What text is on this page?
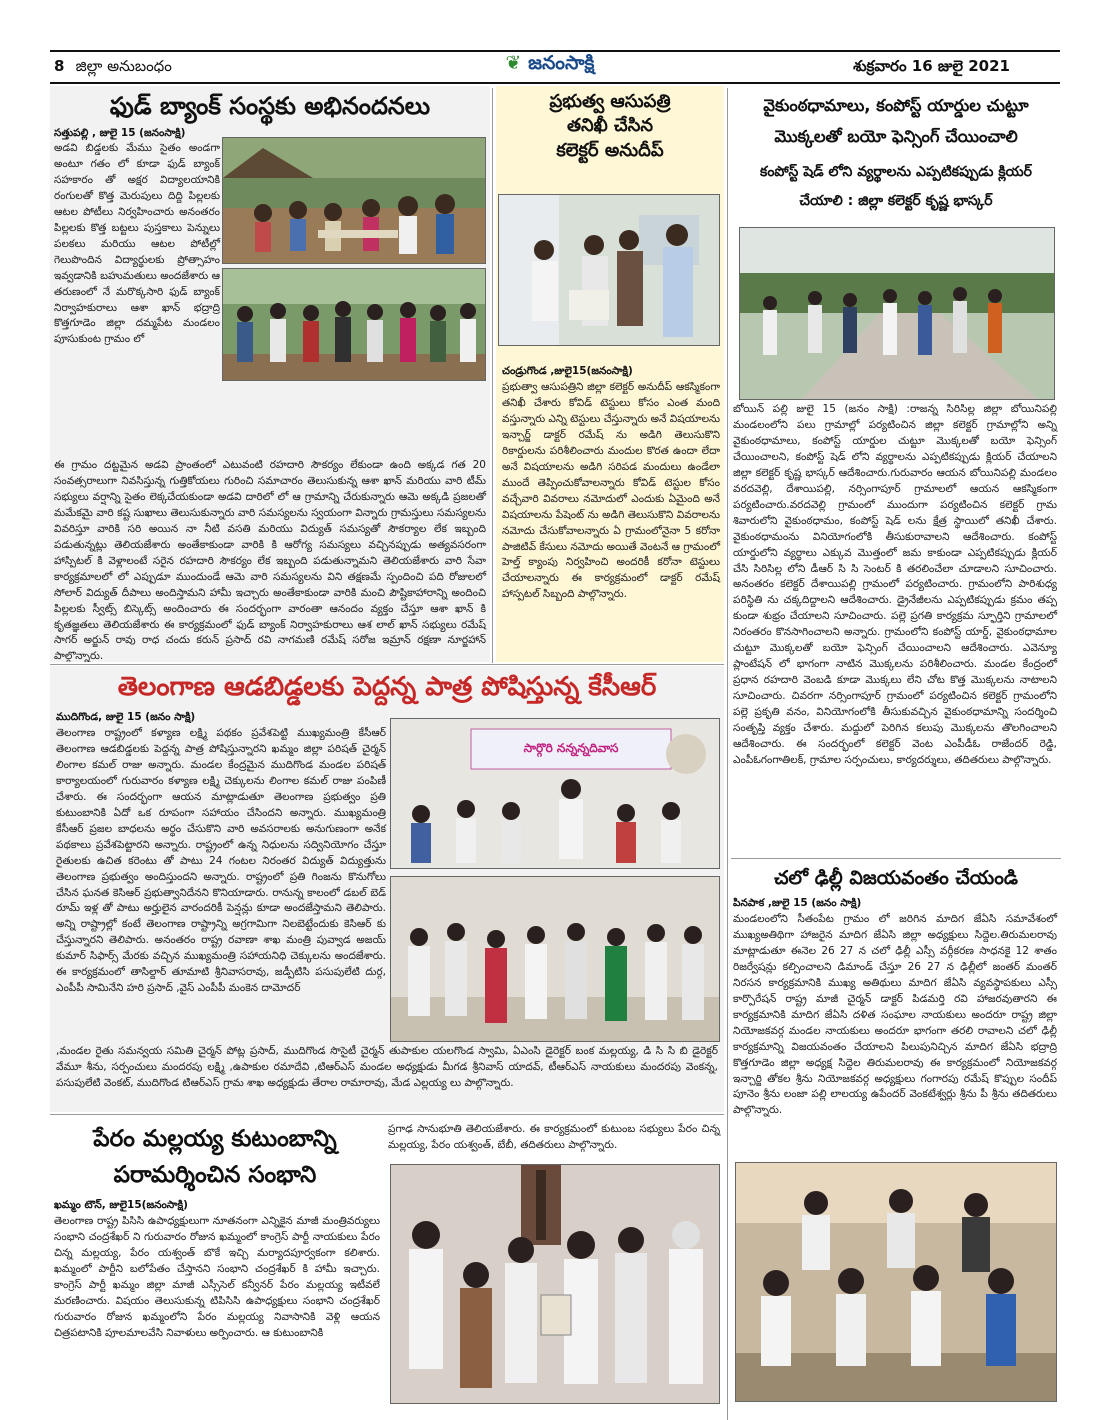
8 జిల్లా అనుబంధం	❦ జనంసాక్షి	శుక్రవారం 16 జులై 2021
ఫుడ్ బ్యాంక్ సంస్థకు అభినందనలు
సత్తుపల్లి , జులై 15 (జనంసాక్షి)
అడవి బిడ్డలకు మేము సైతం అండగా అంటూ గతం లో కూడా ఫుడ్ బ్యాంక్ సహకారం తో అక్షర విద్యాలయానికి రంగులతో కొత్త మెరుపులు దిద్ది పిల్లలకు ఆటల పోటీలు నిర్వహించారు అనంతరం పిల్లలకు కొత్త బట్టలు పుస్తకాలు పెన్నులు పలకలు మరియు ఆటల పోటీల్లో గెలుపొందిన విద్యార్థులకు ప్రోత్సాహం ఇవ్వడానికి బహుమతులు అందజేశారు ఆ తరుణంలో నే మరొక్కసారి ఫుడ్ బ్యాంక్ నిర్వాహకురాలు ఆశా ఖాన్ భద్రాద్రి కొత్తగూడెం జిల్లా దమ్మపేట మండలం పూసుకుంట గ్రామం లో
ఈ గ్రామం దట్టమైన అడవి ప్రాంతంలో ఎటువంటి రహదారి సౌకర్యం లేకుండా ఉంది అక్కడ గత 20 సంవత్సరాలుగా నివసిస్తున్న గుత్తికోయలు గురించి సమాచారం తెలుసుకున్న ఆశా ఖాన్ మరియు వారి టీమ్ సభ్యులు వర్షాన్ని సైతం లెక్కచేయకుండా అడవి దారిలో లో ఆ గ్రామాన్ని చేరుకున్నారు ఆమె అక్కడి ప్రజలతో మమేకమై వారి కష్ట సుఖాలు తెలుసుకున్నారు వారి సమస్యలను స్వయంగా విన్నారు గ్రామస్తులు సమస్యలను వివరిస్తూ వారికి సరి అయిన నా నీటి వసతి మరియు విద్యుత్ సమస్యతో సౌకర్యాల లేక ఇబ్బంది పడుతున్నట్లు తెలియజేశారు అంతేకాకుండా వారికి కి ఆరోగ్య సమస్యలు వచ్చినప్పుడు అత్యవసరంగా హాస్పిటల్ కి వెళ్లాలంటే సరైన రహదారి సౌకర్యం లేక ఇబ్బంది పడుతున్నామని తెలియజేశారు వారి సేవా కార్యక్రమాలలో లో ఎప్పుడూ ముందుండే ఆమె వారి సమస్యలను విని తక్షణమే స్పందించి పది రోజులలో సోలార్ విద్యుత్ దీపాలు అందిస్తామని హామీ ఇచ్చారు అంతేకాకుండా వారికి మంచి పౌష్టికాహారాన్ని అందించి పిల్లలకు స్వీట్స్ బిస్కెట్స్ అందించారు ఈ సందర్భంగా వారంతా ఆనందం వ్యక్తం చేస్తూ ఆశా ఖాన్ కి కృతజ్ఞతలు తెలియజేశారు ఈ కార్యక్రమంలో ఫుడ్ బ్యాంక్ నిర్వాహకురాలు ఆశ లాల్ ఖాన్ సభ్యులు రమేష్ సాగర్ అర్జున్ రావు రాధ చందు కరున్ ప్రసాద్ రవి నాగమణి రమేష్ సరోజ ఇమ్రాన్ రక్షణా నూర్జహాన్ పాల్గొన్నారు.
ప్రభుత్వ ఆసుపత్రి
తనిఖీ చేసిన
కలెక్టర్ అనుదీప్
చండ్రుగొండ ,జులై15(జనంసాక్షి)
ప్రభుత్వా ఆసుపత్రిని జిల్లా కలెక్టర్ అనుదీప్ ఆకస్మికంగా తనిఖీ చేశారు కోవిడ్ టెస్టులు కోసం ఎంత మంది వస్తున్నారు ఎన్ని టెస్టులు చేస్తున్నారు అనే విషయాలను ఇన్చార్జ్ డాక్టర్ రమేష్ ను అడిగి తెలుసుకొని రికార్డులను పరిశీలించారు మందుల కొరత ఉందా లేదా అనే విషయాలను అడిగి సరిపడ మందులు ఉండేలా ముందే తెప్పించుకోవాలన్నారు కోవిడ్ టెస్టుల కోసం వచ్చేవారి వివరాలు నమోదులో ఎందుకు ఏమైంది అనే విషయాలను పేషెంట్ ను అడిగి తెలుసుకొని వివరాలను నమోదు చేసుకోవాలన్నారు ఏ గ్రామంలోనైనా 5 కరోనా పాజిటివ్ కేసులు నమోదు అయితే వెంటనే ఆ గ్రామంలో హెల్త్ క్యాంపు నిర్వహించి అందరికీ కరోనా టెస్టులు చేయాలన్నారు ఈ కార్యక్రమంలో డాక్టర్ రమేష్ హాస్పటల్ సిబ్బంది పాల్గొన్నారు.
వైకుంఠధామాలు, కంపోస్ట్ యార్డుల చుట్టూ
మొక్కలతో బయో ఫెన్సింగ్ చేయించాలి
కంపోస్ట్ షెడ్ లోని వ్యర్థాలను ఎప్పటికప్పుడు క్లియర్
చేయాలి : జిల్లా కలెక్టర్ కృష్ణ భాస్కర్
బోయిన్ పల్లి జులై 15 (జనం సాక్షి) :రాజన్న సిరిసిల్ల జిల్లా బోయినిపల్లి మండలంలోని పలు గ్రామాల్లో పర్యటించిన జిల్లా కలెక్టర్ గ్రామాల్లోని అన్ని వైకుంఠధామాలు, కంపోస్ట్ యార్డుల చుట్టూ మొక్కలతో బయో ఫెన్సింగ్ చేయించాలని, కంపోస్ట్ షెడ్ లోని వ్యర్థాలను ఎప్పటికప్పుడు క్లియర్ చేయాలని జిల్లా కలెక్టర్ కృష్ణ భాస్కర్ ఆదేశించారు.గురువారం ఆయన బోయినిపల్లి మండలం వరదవెల్లి, దేశాయిపల్లి, నర్సింగాపూర్ గ్రామాలలో ఆయన ఆకస్మికంగా పర్యటించారు.వరదవెల్లి గ్రామంలో ముందుగా పర్యటించిన కలెక్టర్ గ్రామ శివారులోని వైకుంఠధామం, కంపోస్ట్ షెడ్ లను క్షేత్ర స్థాయిలో తనిఖీ చేశారు. వైకుంఠధామంను వినియోగంలోకి తీసుకురావాలని ఆదేశించారు. కంపోస్ట్ యార్డులోని వ్యర్థాలు ఎక్కువ మొత్తంలో జమ కాకుండా ఎప్పటికప్పుడు క్లియర్ చేసి సిరిసిల్ల లోని డీఆర్ సి సి సెంటర్ కి తరలించేలా చూడాలని సూచించారు. అనంతరం కలెక్టర్ దేశాయిపల్లి గ్రామంలో పర్యటించారు. గ్రామంలోని పారిశుధ్య పరిస్థితి ను చక్కదిద్దాలని ఆదేశించారు. డ్రైనేజీలను ఎప్పటికప్పుడు క్రమం తప్ప కుండా శుభ్రం చేయాలని సూచించారు. పల్లె ప్రగతి కార్యక్రమ స్ఫూర్తిని గ్రామాలలో నిరంతరం కొనసాగించాలని అన్నారు. గ్రామంలోని కంపోస్ట్ యార్డ్, వైకుంఠధామాల చుట్టూ మొక్కలతో బయో ఫెన్సింగ్ చేయించాలని ఆదేశించారు. ఎవెన్యూ ప్లాంటేషన్ లో భాగంగా నాటిన మొక్కలను పరిశీలించారు. మండల కేంద్రంలో ప్రధాన రహదారి వెంబడి కూడా మొక్కలు లేని చోట కొత్త మొక్కలను నాటాలని సూచించారు. చివరగా నర్సింగాపూర్ గ్రామంలో పర్యటించిన కలెక్టర్ గ్రామంలోని పల్లె ప్రకృతి వనం, వినియోగంలోకి తీసుకువచ్చిన వైకుంఠధామాన్ని సందర్శించి సంతృప్తి వ్యక్తం చేశారు. మద్దులో పెరిగిన కలుపు మొక్కలను తొలగించాలని ఆదేశించారు. ఈ సందర్భంలో కలెక్టర్ వెంట ఎంపీడీఓ రాజేందర్ రెడ్డి, ఎంపీఓగంగాతిలక్, గ్రామాల సర్పంచులు, కార్యదర్శులు, తదితరులు పాల్గొన్నారు.
తెలంగాణ ఆడబిడ్డలకు పెద్దన్న పాత్ర పోషిస్తున్న కేసీఆర్
ముదిగొండ, జులై 15 (జనం సాక్షి)
తెలంగాణ రాష్ట్రంలో కళ్యాణ లక్ష్మి పథకం ప్రవేశపెట్టి ముఖ్యమంత్రి కేసీఆర్ తెలంగాణ ఆడబిడ్డలకు పెద్దన్న పాత్ర పోషిస్తున్నారని ఖమ్మం జిల్లా పరిషత్ చైర్మన్ లింగాల కమల్ రాజు అన్నారు. మండల కేంద్రమైన ముదిగొండ మండల పరిషత్ కార్యాలయంలో గురువారం కళ్యాణ లక్ష్మి చెక్కులను లింగాల కమల్ రాజు పంపిణీ చేశారు. ఈ సందర్భంగా ఆయన మాట్లాడుతూ తెలంగాణ ప్రభుత్వం ప్రతి కుటుంబానికి ఏదో ఒక రూపంగా సహాయం చేసిందని అన్నారు. ముఖ్యమంత్రి కేసీఆర్ ప్రజల బాధలను అర్థం చేసుకొని వారి అవసరాలకు అనుగుణంగా అనేక పథకాలు ప్రవేశపెట్టారని అన్నారు. రాష్ట్రంలో ఉన్న నిధులను సద్వినియోగం చేస్తూ రైతులకు ఉచిత కరెంటు తో పాటు 24 గంటల నిరంతర విద్యుత్ విద్యుత్తును తెలంగాణ ప్రభుత్వం అందిస్తుందని అన్నారు. రాష్ట్రంలో ప్రతి గింజను కొనుగోలు చేసిన ఘనత కెసిఆర్ ప్రభుత్వానిదేనని కొనియాడారు. రానున్న కాలంలో డబల్ బెడ్ రూమ్ ఇళ్ల తో పాటు అర్హులైన వారందరికీ పెన్షన్లు కూడా అందజేస్తామని తెలిపారు. అన్ని రాష్ట్రాల్లో కంటే తెలంగాణ రాష్ట్రాన్ని అగ్రగామిగా నిలబెట్టేందుకు కెసిఆర్ కు చేస్తున్నారని తెలిపారు. అనంతరం రాష్ట్ర రవాణా శాఖ మంత్రి పువ్వాడ అజయ్ కుమార్ సిఫార్స్ మేరకు వచ్చిన ముఖ్యమంత్రి సహాయనిధి చెక్కులను అందజేశారు. ఈ కార్యక్రమంలో తాసిల్దార్ తూమాటి శ్రీనివాసరావు, జడ్పీటిసి పసుపులేటి దుర్గ, ఎంపీపీ సామినేని హరి ప్రసాద్ ,వైస్ ఎంపీపీ మంకెన దామోదర్
,మండల రైతు సమన్వయ సమితి చైర్మన్ పోట్ల ప్రసాద్, ముదిగొండ సొసైటీ చైర్మన్ తుపాకుల యలగొండ స్వామి, ఏఎంసి డైరెక్టర్ బంక మల్లయ్య, డి సి సి బి డైరెక్టర్ వేమూ శీను, సర్పంచులు మందరపు లక్ష్మి ,ఉపాకుల రమాదేవి ,టిఆర్ఎస్ మండల అధ్యక్షుడు మీగడ శ్రీనివాస్ యాదవ్, టీఆర్ఎస్ నాయకులు మందరపు వెంకన్న, పసుపులేటి వెంకట్, ముదిగొండ టిఆర్ఎస్ గ్రామ శాఖ అధ్యక్షుడు తేరాల రామారావు, మేడ ఎల్లయ్య లు పాల్గొన్నారు.
సార్గొరి నన్నన్నదివాస
చలో ఢిల్లీ విజయవంతం చేయండి
పినపాక ,జులై 15 (జనం సాక్షి)
మండలంలోని సీతంపేట గ్రామం లో జరిగిన మాదిగ జేఏసి సమావేశంలో ముఖ్యఅతిథిగా హాజరైన మాదిగ జేఏసి జిల్లా అధ్యక్షులు సిద్దెల.తిరుమలరావు మాట్లాడుతూ ఈనెల 26 27 న చలో ఢిల్లీ ఎస్సీ వర్గీకరణ సాధనకై 12 శాతం రిజర్వేషన్లు కల్పించాలని డిమాండ్ చేస్తూ 26 27 న ఢిల్లీలో జంతర్ మంతర్ నిరసన కార్యక్రమానికి ముఖ్య అతిథులు మాదిగ జేఏసి వ్యవస్థాపకులు ఎస్సీ కార్పొరేషన్ రాష్ట్ర మాజీ చైర్మన్ డాక్టర్ పిడమర్తి రవి హాజరవుతారని ఈ కార్యక్రమానికి మాదిగ జేఏసి దళిత సంఘాల నాయకులు అందరూ రాష్ట్ర జిల్లా నియోజకవర్గ మండల నాయకులు అందరూ భాగంగా తరలి రావాలని చలో ఢిల్లీ కార్యక్రమాన్ని విజయవంతం చేయాలని పిలుపునిచ్చిన మాదిగ జేఏసి భద్రాద్రి కొత్తగూడెం జిల్లా అధ్యక్ష సిద్దెల తిరుమలరావు ఈ కార్యక్రమంలో నియోజకవర్గ ఇన్చార్జి తోకల శ్రీను నియోజకవర్గ అధ్యక్షులు గంగారపు రమేష్ కొప్పుల సందీప్ పూనెం శ్రీను లంజా పల్లి లాలయ్య ఉపేందర్ వెంకటేశ్వర్లు శ్రీను పీ శ్రీను తదితరులు పాల్గొన్నారు.
పేరం మల్లయ్య కుటుంబాన్ని
పరామర్శించిన సంభాని
ఖమ్మం టౌన్, జులై15(జనంసాక్షి)
తెలంగాణ రాష్ట్ర పిసిసి ఉపాధ్యక్షులుగా నూతనంగా ఎన్నికైన మాజీ మంత్రివర్యులు సంభాని చంద్రశేఖర్ ని గురువారం రోజున ఖమ్మంలో కాంగ్రెస్ పార్టీ నాయకులు పేరం చిన్న మల్లయ్య, పేరం యశ్వంత్ బొకే ఇచ్చి మర్యాదపూర్వకంగా కలిశారు. ఖమ్మంలో పార్టీని బలోపేతం చేస్తానని సంభాని చంద్రశేఖర్ కి హామీ ఇచ్చారు. కాంగ్రెస్ పార్టీ ఖమ్మం జిల్లా మాజీ ఎస్సీసెల్ కన్వీనర్ పేరం మల్లయ్య ఇటీవలే మరణించారు. విషయం తెలుసుకున్న టిపిసిసి ఉపాధ్యక్షులు సంభాని చంద్రశేఖర్ గురువారం రోజున ఖమ్మంలోని పేరం మల్లయ్య నివాసానికి వెళ్లి ఆయన చిత్రపటానికి పూలమాలవేసి నివాళులు అర్పించారు. ఆ కుటుంబానికి
ప్రగాఢ సానుభూతి తెలియజేశారు. ఈ కార్యక్రమంలో కుటుంబ సభ్యులు పేరం చిన్న మల్లయ్య, పేరం యశ్వంత్, బేబీ, తదితరులు పాల్గొన్నారు.
